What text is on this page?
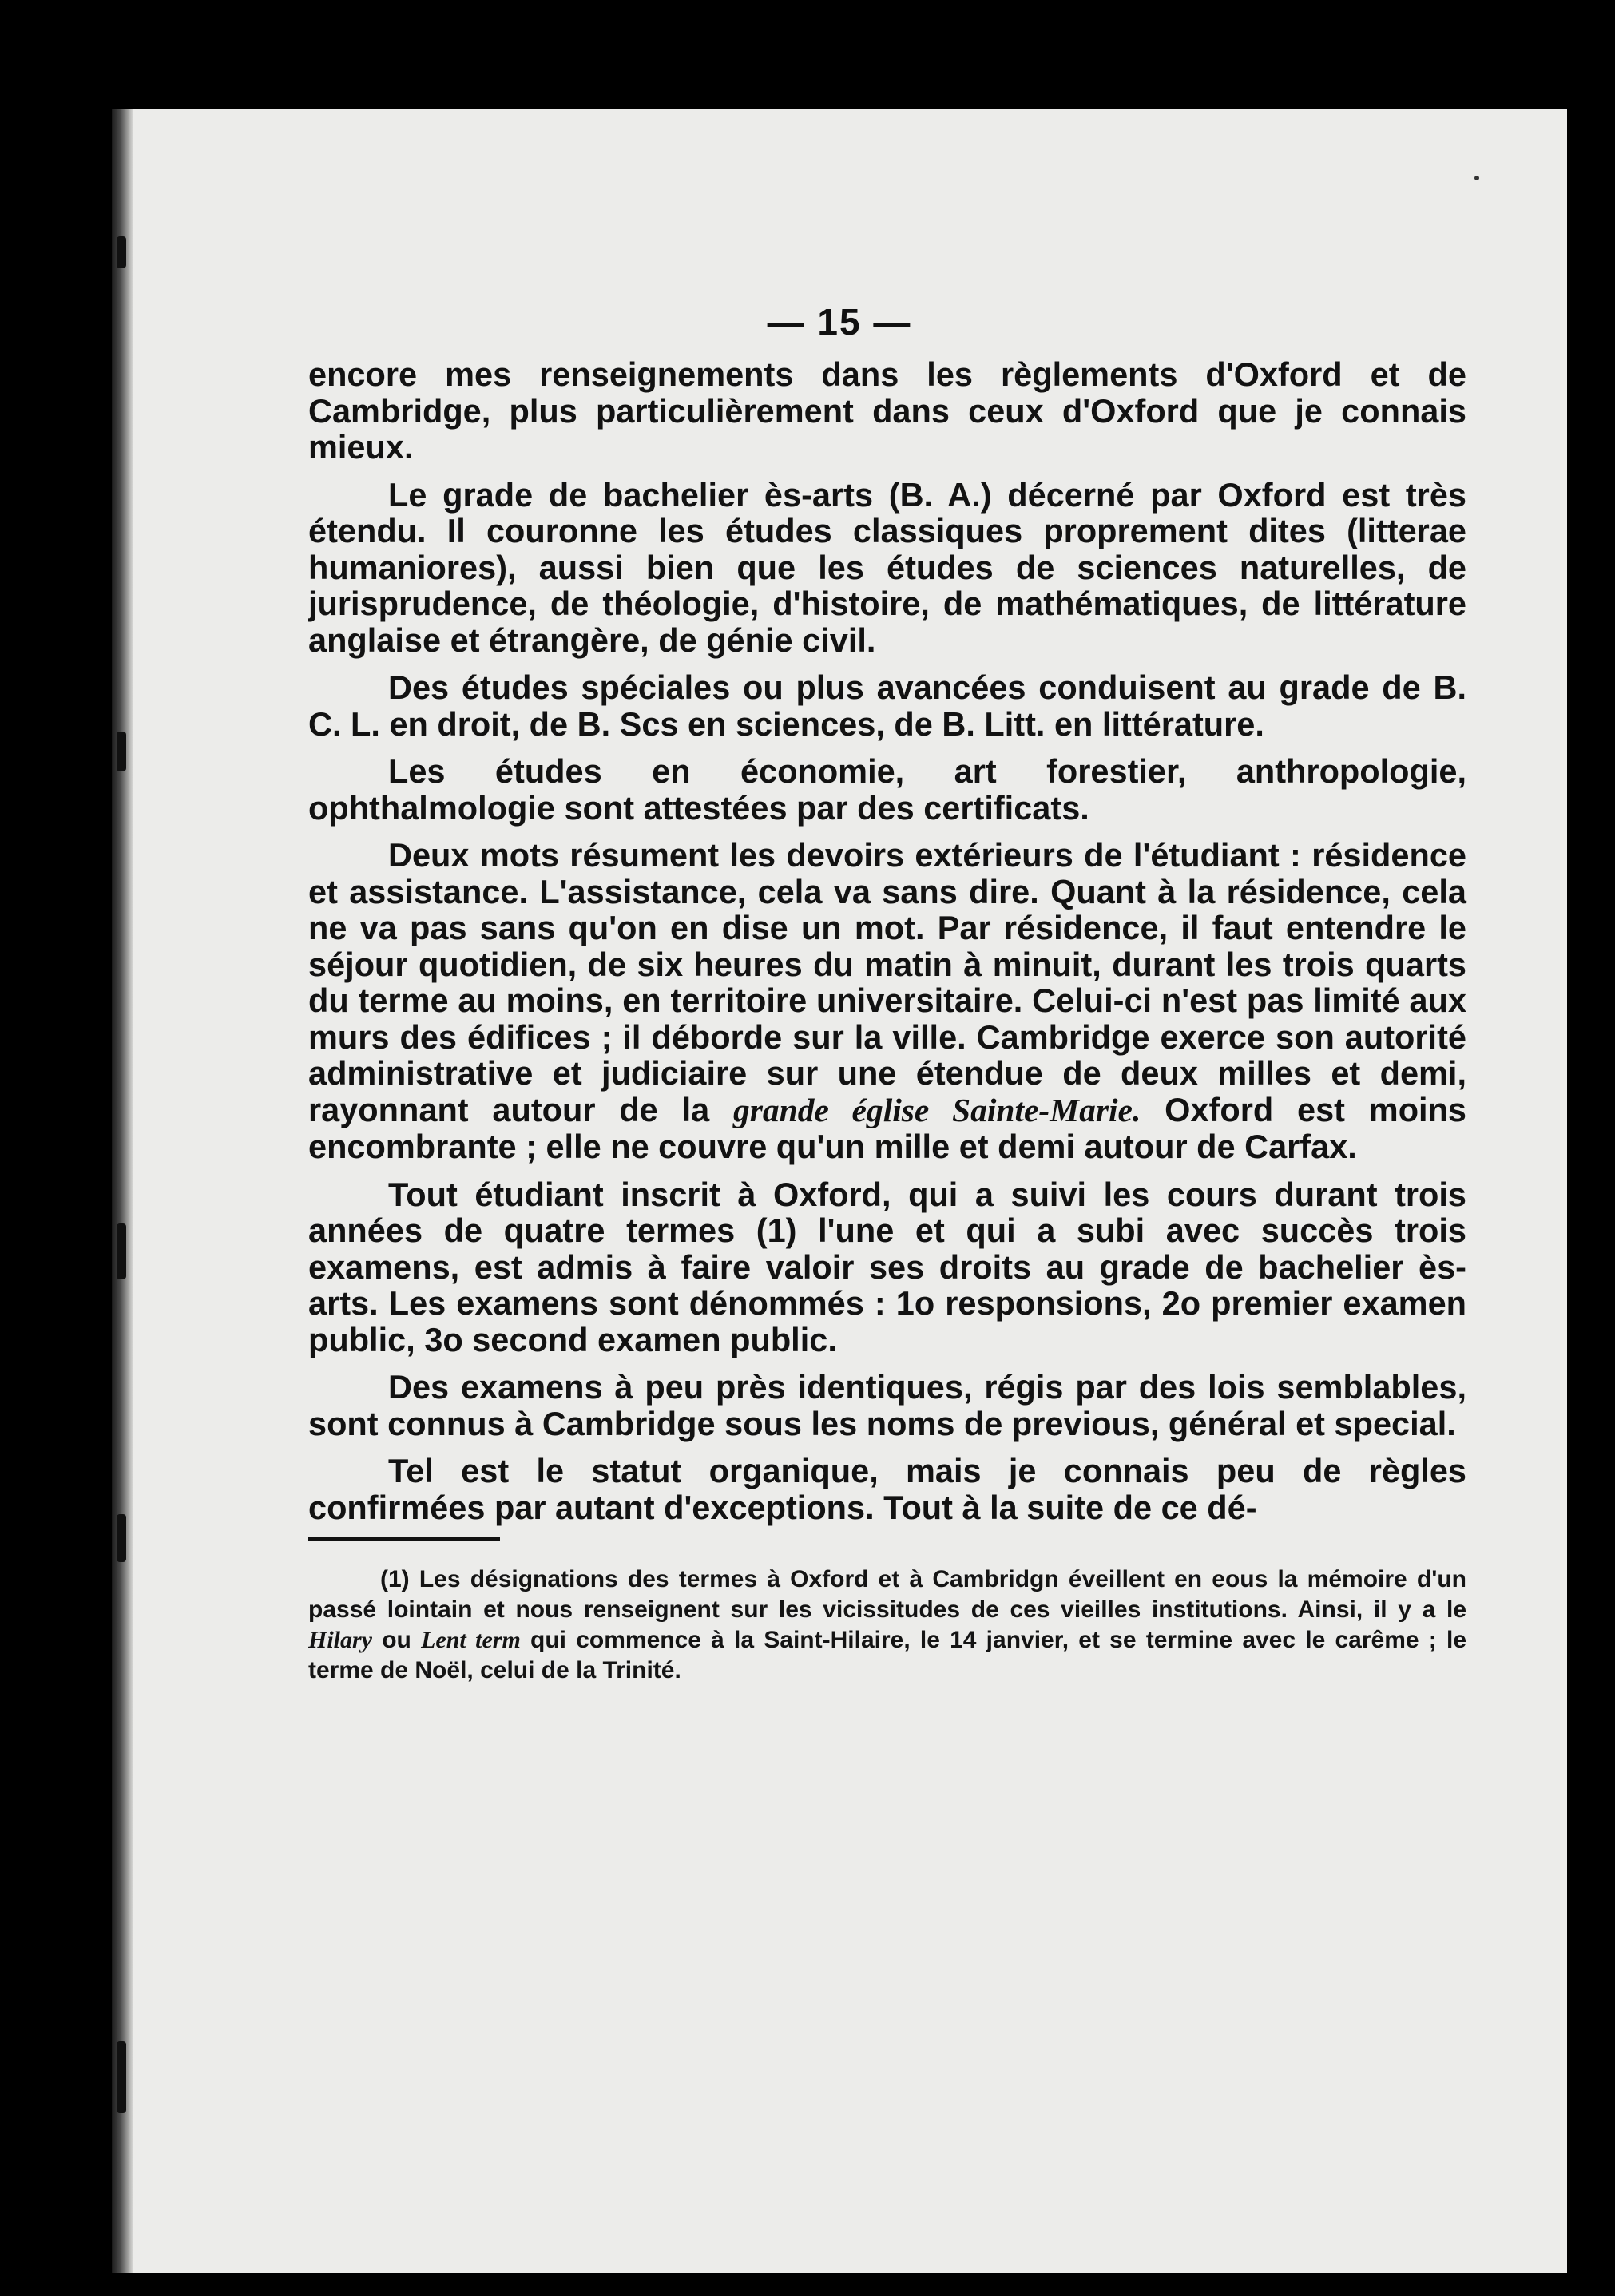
— 15 —

encore mes renseignements dans les règlements d'Oxford et de Cambridge, plus particulièrement dans ceux d'Oxford que je connais mieux.

Le grade de bachelier ès-arts (B. A.) décerné par Oxford est très étendu. Il couronne les études classiques proprement dites (litterae humaniores), aussi bien que les études de sciences naturelles, de jurisprudence, de théologie, d'histoire, de mathématiques, de littérature anglaise et étrangère, de génie civil.

Des études spéciales ou plus avancées conduisent au grade de B. C. L. en droit, de B. Scs en sciences, de B. Litt. en littérature.

Les études en économie, art forestier, anthropologie, ophthalmologie sont attestées par des certificats.

Deux mots résument les devoirs extérieurs de l'étudiant : résidence et assistance. L'assistance, cela va sans dire. Quant à la résidence, cela ne va pas sans qu'on en dise un mot. Par résidence, il faut entendre le séjour quotidien, de six heures du matin à minuit, durant les trois quarts du terme au moins, en territoire universitaire. Celui-ci n'est pas limité aux murs des édifices ; il déborde sur la ville. Cambridge exerce son autorité administrative et judiciaire sur une étendue de deux milles et demi, rayonnant autour de la grande église Sainte-Marie. Oxford est moins encombrante ; elle ne couvre qu'un mille et demi autour de Carfax.

Tout étudiant inscrit à Oxford, qui a suivi les cours durant trois années de quatre termes (1) l'une et qui a subi avec succès trois examens, est admis à faire valoir ses droits au grade de bachelier ès-arts. Les examens sont dénommés : 1o responsions, 2o premier examen public, 3o second examen public.

Des examens à peu près identiques, régis par des lois semblables, sont connus à Cambridge sous les noms de previous, général et special.

Tel est le statut organique, mais je connais peu de règles confirmées par autant d'exceptions. Tout à la suite de ce dé-

(1) Les désignations des termes à Oxford et à Cambridgn éveillent en eous la mémoire d'un passé lointain et nous renseignent sur les vicissitudes de ces vieilles institutions. Ainsi, il y a le Hilary ou Lent term qui commence à la Saint-Hilaire, le 14 janvier, et se termine avec le carême ; le terme de Noël, celui de la Trinité.
